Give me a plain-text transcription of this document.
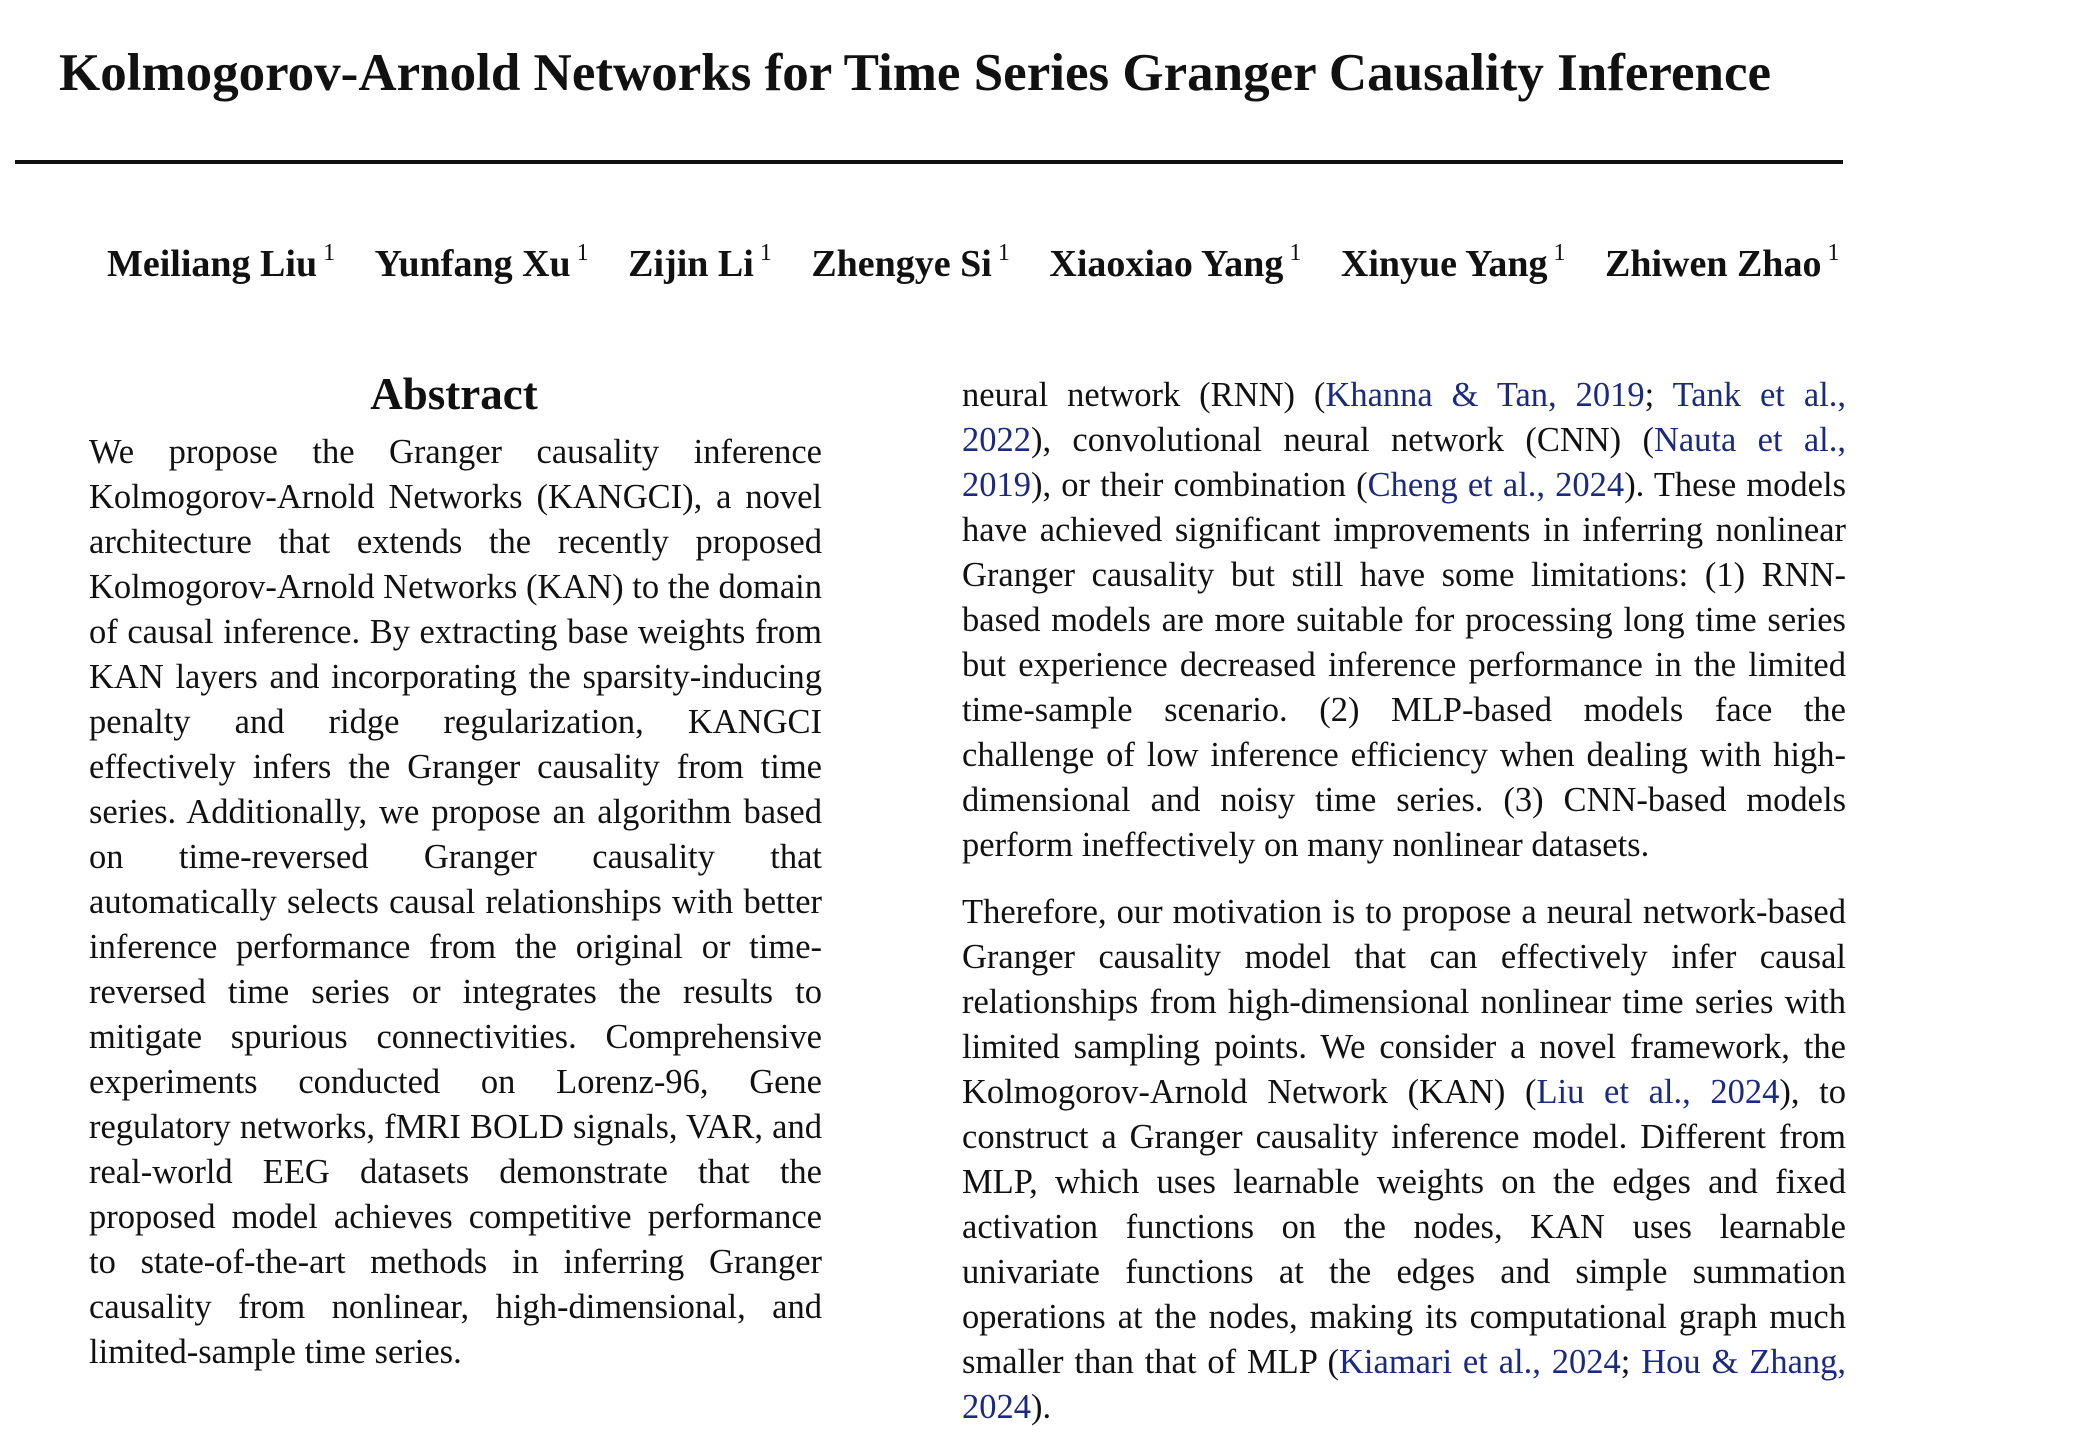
Kolmogorov-Arnold Networks for Time Series Granger Causality Inference
Meiliang Liu $^1$ Yunfang Xu $^1$ Zijin Li $^1$ Zhengye Si $^1$ Xiaoxiao Yang $^1$ Xinyue Yang $^1$ Zhiwen Zhao $^1$
Abstract

We propose the Granger causality inference Kolmogorov-Arnold Networks (KANGCI), a novel architecture that extends the recently proposed Kolmogorov-Arnold Networks (KAN) to the domain of causal inference. By extracting base weights from KAN layers and incorporating the sparsity-inducing penalty and ridge regularization, KANGCI effectively infers the Granger causality from time series. Additionally, we propose an algorithm based on time-reversed Granger causality that automatically selects causal relationships with better inference performance from the original or time-reversed time series or integrates the results to mitigate spurious connectivities. Comprehensive experiments conducted on Lorenz-96, Gene regulatory networks, fMRI BOLD signals, VAR, and real-world EEG datasets demonstrate that the proposed model achieves competitive performance to state-of-the-art methods in inferring Granger causality from nonlinear, high-dimensional, and limited-sample time series.

neural network (RNN) (Khanna & Tan, 2019; Tank et al., 2022), convolutional neural network (CNN) (Nauta et al., 2019), or their combination (Cheng et al., 2024). These models have achieved significant improvements in inferring nonlinear Granger causality but still have some limitations: (1) RNN-based models are more suitable for processing long time series but experience decreased inference performance in the limited time-sample scenario. (2) MLP-based models face the challenge of low inference efficiency when dealing with high-dimensional and noisy time series. (3) CNN-based models perform ineffectively on many nonlinear datasets.

Therefore, our motivation is to propose a neural network-based Granger causality model that can effectively infer causal relationships from high-dimensional nonlinear time series with limited sampling points. We consider a novel framework, the Kolmogorov-Arnold Network (KAN) (Liu et al., 2024), to construct a Granger causality inference model. Different from MLP, which uses learnable weights on the edges and fixed activation functions on the nodes, KAN uses learnable univariate functions at the edges and simple summation operations at the nodes, making its computational graph much smaller than that of MLP (Kiamari et al., 2024; Hou & Zhang, 2024).
